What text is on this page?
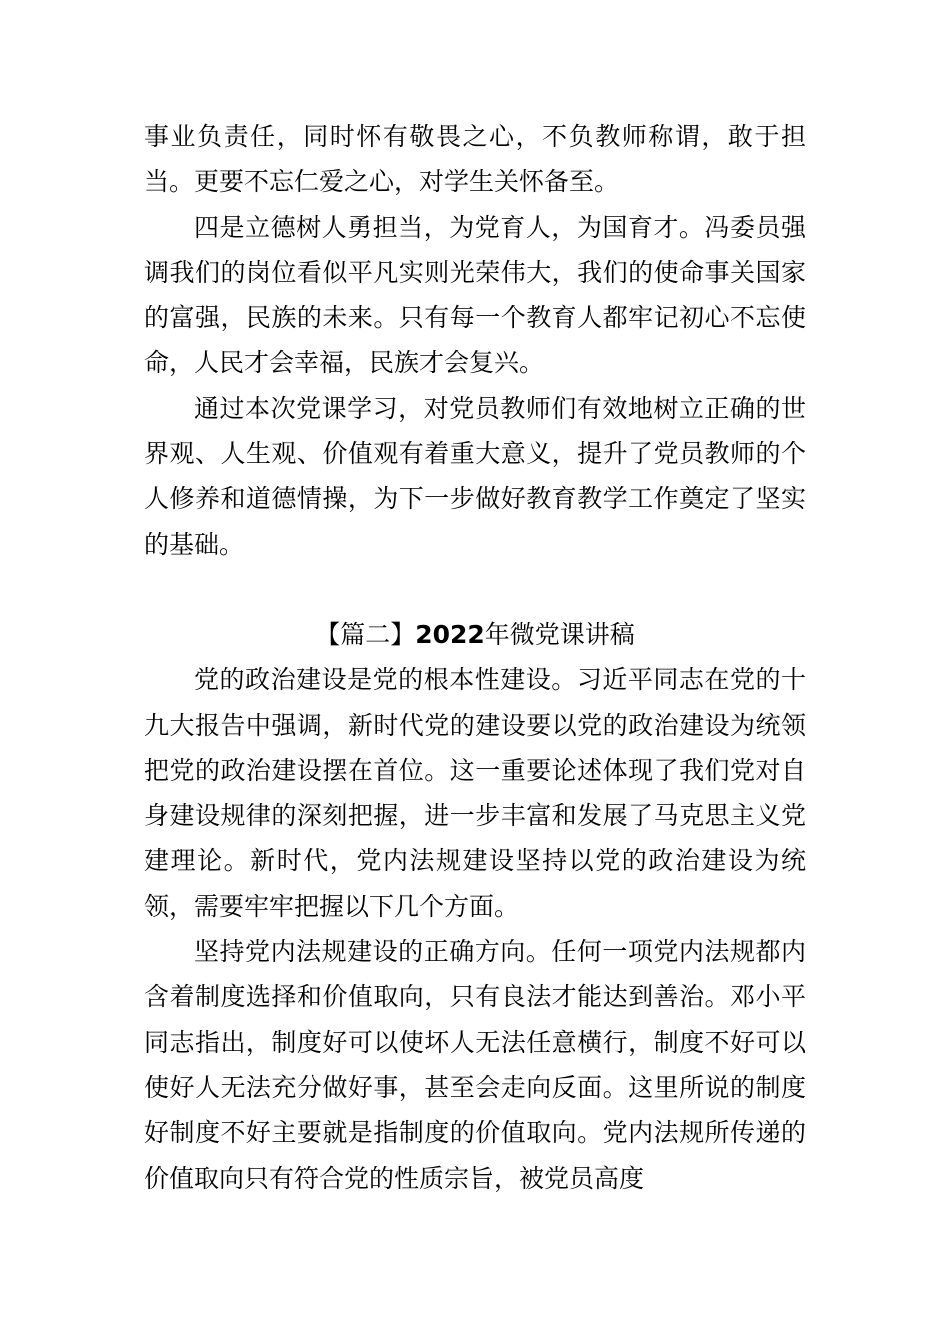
事业负责任，同时怀有敬畏之心，不负教师称谓，敢于担当。更要不忘仁爱之心，对学生关怀备至。

四是立德树人勇担当，为党育人，为国育才。冯委员强调我们的岗位看似平凡实则光荣伟大，我们的使命事关国家的富强，民族的未来。只有每一个教育人都牢记初心不忘使命，人民才会幸福，民族才会复兴。

通过本次党课学习，对党员教师们有效地树立正确的世界观、人生观、价值观有着重大意义，提升了党员教师的个人修养和道德情操，为下一步做好教育教学工作奠定了坚实的基础。

【篇二】2022年微党课讲稿

党的政治建设是党的根本性建设。习近平同志在党的十九大报告中强调，新时代党的建设要以党的政治建设为统领把党的政治建设摆在首位。这一重要论述体现了我们党对自身建设规律的深刻把握，进一步丰富和发展了马克思主义党建理论。新时代，党内法规建设坚持以党的政治建设为统领，需要牢牢把握以下几个方面。

坚持党内法规建设的正确方向。任何一项党内法规都内含着制度选择和价值取向，只有良法才能达到善治。邓小平同志指出，制度好可以使坏人无法任意横行，制度不好可以使好人无法充分做好事，甚至会走向反面。这里所说的制度好制度不好主要就是指制度的价值取向。党内法规所传递的价值取向只有符合党的性质宗旨，被党员高度
